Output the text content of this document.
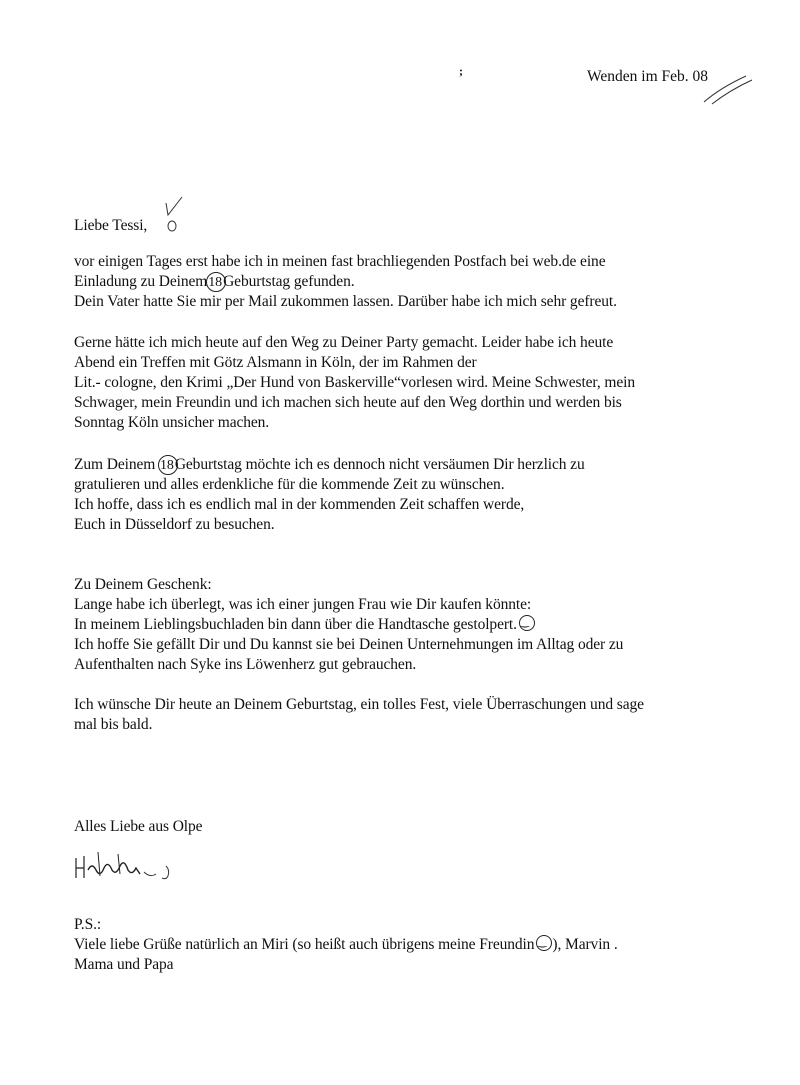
;	Wenden im Feb. 08
Liebe Tessi,
vor einigen Tages erst habe ich in meinen fast brachliegenden Postfach bei web.de eine
Einladung zu Deinem18Geburtstag gefunden.
Dein Vater hatte Sie mir per Mail zukommen lassen. Darüber habe ich mich sehr gefreut.
Gerne hätte ich mich heute auf den Weg zu Deiner Party gemacht. Leider habe ich heute
Abend ein Treffen mit Götz Alsmann in Köln, der im Rahmen der
Lit.- cologne, den Krimi „Der Hund von Baskerville“vorlesen wird. Meine Schwester, mein
Schwager, mein Freundin und ich machen sich heute auf den Weg dorthin und werden bis
Sonntag Köln unsicher machen.
Zum Deinem 18Geburtstag möchte ich es dennoch nicht versäumen Dir herzlich zu
gratulieren und alles erdenkliche für die kommende Zeit zu wünschen.
Ich hoffe, dass ich es endlich mal in der kommenden Zeit schaffen werde,
Euch in Düsseldorf zu besuchen.
Zu Deinem Geschenk:
Lange habe ich überlegt, was ich einer jungen Frau wie Dir kaufen könnte:
In meinem Lieblingsbuchladen bin dann über die Handtasche gestolpert.‿
Ich hoffe Sie gefällt Dir und Du kannst sie bei Deinen Unternehmungen im Alltag oder zu
Aufenthalten nach Syke ins Löwenherz gut gebrauchen.
Ich wünsche Dir heute an Deinem Geburtstag, ein tolles Fest, viele Überraschungen und sage
mal bis bald.
Alles Liebe aus Olpe
P.S.:
Viele liebe Grüße natürlich an Miri (so heißt auch übrigens meine Freundin ‿ ), Marvin .
Mama und Papa
